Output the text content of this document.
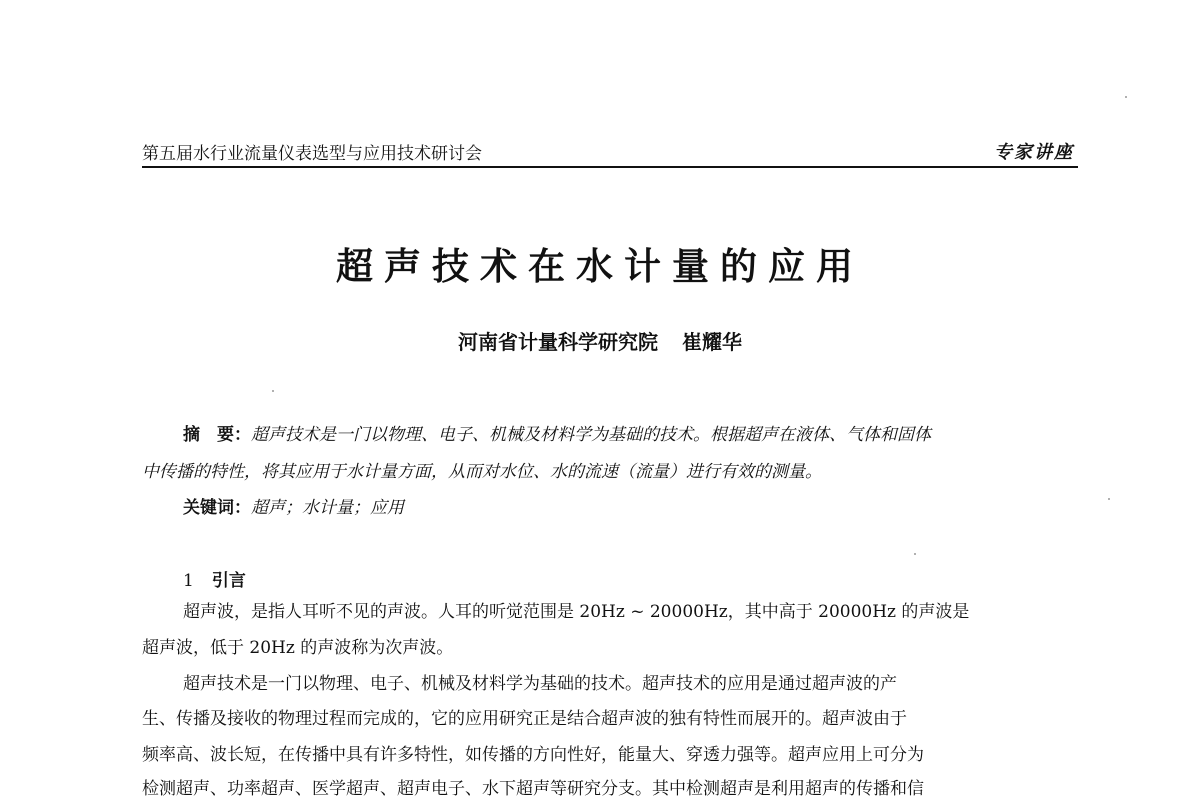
第五届水行业流量仪表选型与应用技术研讨会	专家讲座
超声技术在水计量的应用
河南省计量科学研究院 崔耀华
摘　要：超声技术是一门以物理、电子、机械及材料学为基础的技术。根据超声在液体、气体和固体
中传播的特性，将其应用于水计量方面，从而对水位、水的流速（流量）进行有效的测量。
关键词：超声；水计量；应用
1 引言
超声波，是指人耳听不见的声波。人耳的听觉范围是 20Hz ~ 20000Hz，其中高于 20000Hz 的声波是
超声波，低于 20Hz 的声波称为次声波。
超声技术是一门以物理、电子、机械及材料学为基础的技术。超声技术的应用是通过超声波的产
生、传播及接收的物理过程而完成的，它的应用研究正是结合超声波的独有特性而展开的。超声波由于
频率高、波长短，在传播中具有许多特性，如传播的方向性好，能量大、穿透力强等。超声应用上可分为
检测超声、功率超声、医学超声、超声电子、水下超声等研究分支。其中检测超声是利用超声的传播和信
